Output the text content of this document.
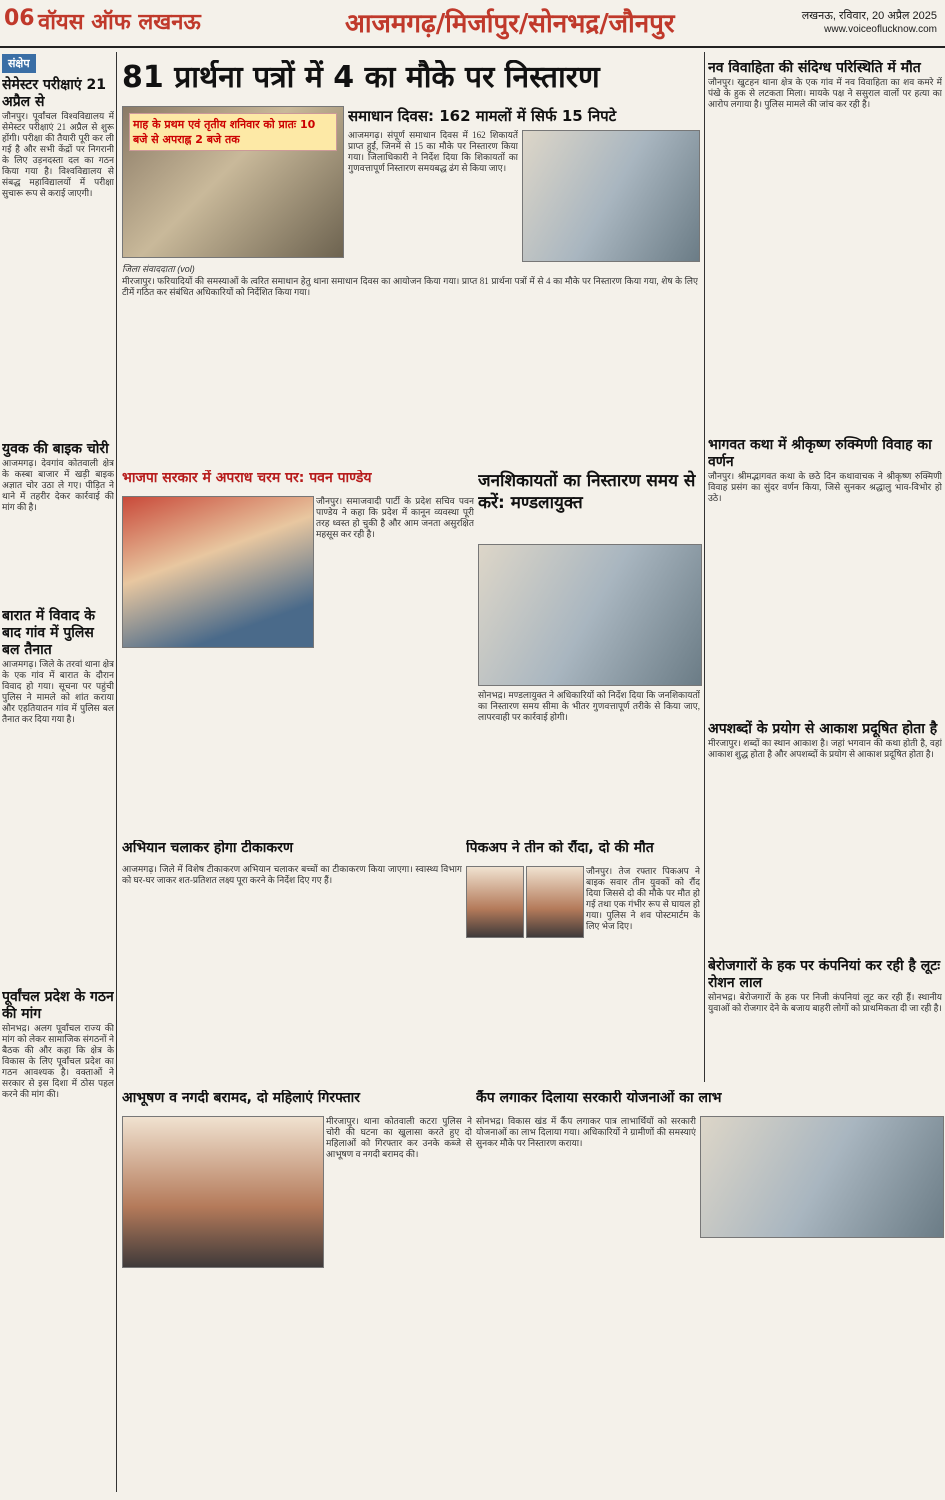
06 वॉयस ऑफ लखनऊ	आजमगढ़/मिर्जापुर/सोनभद्र/जौनपुर	लखनऊ, रविवार, 20 अप्रैल 2025
www.voiceoflucknow.com
संक्षेप
सेमेस्टर परीक्षाएं 21 अप्रैल से
जौनपुर। पूर्वांचल विश्वविद्यालय में सेमेस्टर परीक्षाएं 21 अप्रैल से शुरू होंगी। परीक्षा की तैयारी पूरी कर ली गई है और सभी केंद्रों पर निगरानी के लिए उड़नदस्ता दल का गठन किया गया है। विश्वविद्यालय से संबद्ध महाविद्यालयों में परीक्षा सुचारू रूप से कराई जाएगी।
युवक की बाइक चोरी
आजमगढ़। देवगांव कोतवाली क्षेत्र के कस्बा बाजार में खड़ी बाइक अज्ञात चोर उठा ले गए। पीड़ित ने थाने में तहरीर देकर कार्रवाई की मांग की है।
बारात में विवाद के बाद गांव में पुलिस बल तैनात
आजमगढ़। जिले के तरवां थाना क्षेत्र के एक गांव में बारात के दौरान विवाद हो गया। सूचना पर पहुंची पुलिस ने मामले को शांत कराया और एहतियातन गांव में पुलिस बल तैनात कर दिया गया है।
पूर्वांचल प्रदेश के गठन की मांग
सोनभद्र। अलग पूर्वांचल राज्य की मांग को लेकर सामाजिक संगठनों ने बैठक की और कहा कि क्षेत्र के विकास के लिए पूर्वांचल प्रदेश का गठन आवश्यक है। वक्ताओं ने सरकार से इस दिशा में ठोस पहल करने की मांग की।
81 प्रार्थना पत्रों में 4 का मौके पर निस्तारण
माह के प्रथम एवं तृतीय शनिवार को प्रातः 10 बजे से अपराह्न 2 बजे तक
समाधान दिवस: 162 मामलों में सिर्फ 15 निपटे
आजमगढ़। संपूर्ण समाधान दिवस में 162 शिकायतें प्राप्त हुईं, जिनमें से 15 का मौके पर निस्तारण किया गया। जिलाधिकारी ने निर्देश दिया कि शिकायतों का गुणवत्तापूर्ण निस्तारण समयबद्ध ढंग से किया जाए।
जिला संवाददाता (vol)
मीरजापुर। फरियादियों की समस्याओं के त्वरित समाधान हेतु थाना समाधान दिवस का आयोजन किया गया। प्राप्त 81 प्रार्थना पत्रों में से 4 का मौके पर निस्तारण किया गया, शेष के लिए टीमें गठित कर संबंधित अधिकारियों को निर्देशित किया गया।
भाजपा सरकार में अपराध चरम पर: पवन पाण्डेय
जौनपुर। समाजवादी पार्टी के प्रदेश सचिव पवन पाण्डेय ने कहा कि प्रदेश में कानून व्यवस्था पूरी तरह ध्वस्त हो चुकी है और आम जनता असुरक्षित महसूस कर रही है।
जनशिकायतों का निस्तारण समय से करें: मण्डलायुक्त
सोनभद्र। मण्डलायुक्त ने अधिकारियों को निर्देश दिया कि जनशिकायतों का निस्तारण समय सीमा के भीतर गुणवत्तापूर्ण तरीके से किया जाए, लापरवाही पर कार्रवाई होगी।
अभियान चलाकर होगा टीकाकरण
आजमगढ़। जिले में विशेष टीकाकरण अभियान चलाकर बच्चों का टीकाकरण किया जाएगा। स्वास्थ्य विभाग को घर-घर जाकर शत-प्रतिशत लक्ष्य पूरा करने के निर्देश दिए गए हैं।
पिकअप ने तीन को रौंदा, दो की मौत
जौनपुर। तेज रफ्तार पिकअप ने बाइक सवार तीन युवकों को रौंद दिया जिससे दो की मौके पर मौत हो गई तथा एक गंभीर रूप से घायल हो गया। पुलिस ने शव पोस्टमार्टम के लिए भेज दिए।
आभूषण व नगदी बरामद, दो महिलाएं गिरफ्तार
मीरजापुर। थाना कोतवाली कटरा पुलिस ने चोरी की घटना का खुलासा करते हुए दो महिलाओं को गिरफ्तार कर उनके कब्जे से आभूषण व नगदी बरामद की।
कैंप लगाकर दिलाया सरकारी योजनाओं का लाभ
सोनभद्र। विकास खंड में कैंप लगाकर पात्र लाभार्थियों को सरकारी योजनाओं का लाभ दिलाया गया। अधिकारियों ने ग्रामीणों की समस्याएं सुनकर मौके पर निस्तारण कराया।
नव विवाहिता की संदिग्ध परिस्थिति में मौत
जौनपुर। खुटहन थाना क्षेत्र के एक गांव में नव विवाहिता का शव कमरे में पंखे के हुक से लटकता मिला। मायके पक्ष ने ससुराल वालों पर हत्या का आरोप लगाया है। पुलिस मामले की जांच कर रही है।
भागवत कथा में श्रीकृष्ण रुक्मिणी विवाह का वर्णन
जौनपुर। श्रीमद्भागवत कथा के छठे दिन कथावाचक ने श्रीकृष्ण रुक्मिणी विवाह प्रसंग का सुंदर वर्णन किया, जिसे सुनकर श्रद्धालु भाव-विभोर हो उठे।
अपशब्दों के प्रयोग से आकाश प्रदूषित होता है
मीरजापुर। शब्दों का स्थान आकाश है। जहां भगवान की कथा होती है, वहां आकाश शुद्ध होता है और अपशब्दों के प्रयोग से आकाश प्रदूषित होता है।
बेरोजगारों के हक पर कंपनियां कर रही है लूटः रोशन लाल
सोनभद्र। बेरोजगारों के हक पर निजी कंपनियां लूट कर रही हैं। स्थानीय युवाओं को रोजगार देने के बजाय बाहरी लोगों को प्राथमिकता दी जा रही है।
